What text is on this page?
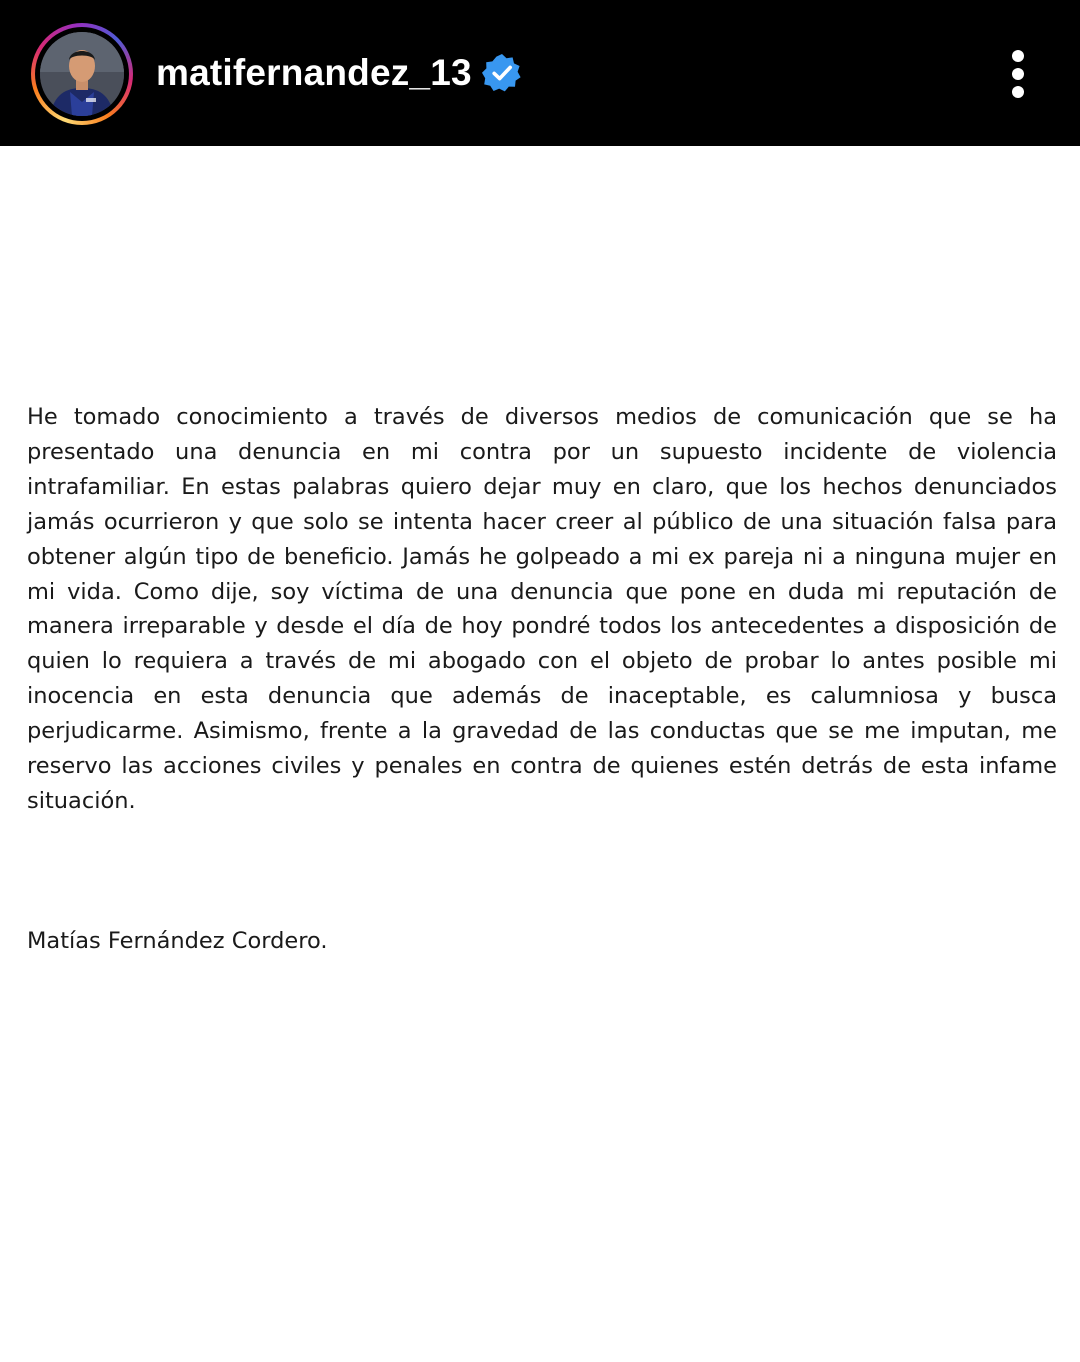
matifernandez_13

He tomado conocimiento a través de diversos medios de comunicación que se ha presentado una denuncia en mi contra por un supuesto incidente de violencia intrafamiliar. En estas palabras quiero dejar muy en claro, que los hechos denunciados jamás ocurrieron y que solo se intenta hacer creer al público de una situación falsa para obtener algún tipo de beneficio. Jamás he golpeado a mi ex pareja ni a ninguna mujer en mi vida. Como dije, soy víctima de una denuncia que pone en duda mi reputación de manera irreparable y desde el día de hoy pondré todos los antecedentes a disposición de quien lo requiera a través de mi abogado con el objeto de probar lo antes posible mi inocencia en esta denuncia que además de inaceptable, es calumniosa y busca perjudicarme. Asimismo, frente a la gravedad de las conductas que se me imputan, me reservo las acciones civiles y penales en contra de quienes estén detrás de esta infame situación.

Matías Fernández Cordero.
